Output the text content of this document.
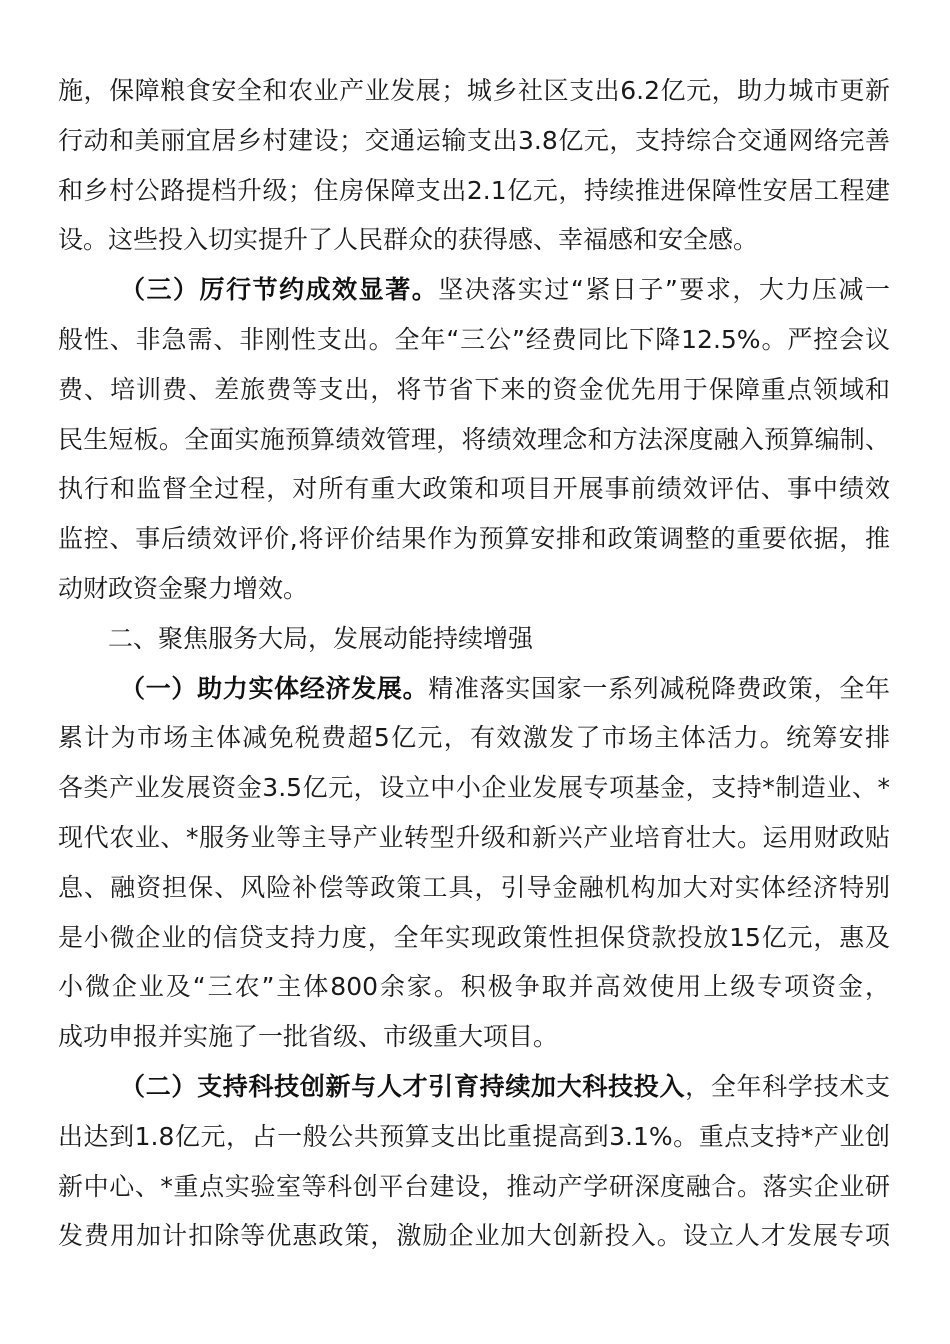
施，保障粮食安全和农业产业发展；城乡社区支出6.2亿元，助力城市更新
行动和美丽宜居乡村建设；交通运输支出3.8亿元，支持综合交通网络完善
和乡村公路提档升级；住房保障支出2.1亿元，持续推进保障性安居工程建
设。这些投入切实提升了人民群众的获得感、幸福感和安全感。
（三）厉行节约成效显著。坚决落实过“紧日子”要求，大力压减一
般性、非急需、非刚性支出。全年“三公”经费同比下降12.5%。严控会议
费、培训费、差旅费等支出，将节省下来的资金优先用于保障重点领域和
民生短板。全面实施预算绩效管理，将绩效理念和方法深度融入预算编制、
执行和监督全过程，对所有重大政策和项目开展事前绩效评估、事中绩效
监控、事后绩效评价,将评价结果作为预算安排和政策调整的重要依据，推
动财政资金聚力增效。
二、聚焦服务大局，发展动能持续增强
（一）助力实体经济发展。精准落实国家一系列减税降费政策，全年
累计为市场主体减免税费超5亿元，有效激发了市场主体活力。统筹安排
各类产业发展资金3.5亿元，设立中小企业发展专项基金，支持*制造业、*
现代农业、*服务业等主导产业转型升级和新兴产业培育壮大。运用财政贴
息、融资担保、风险补偿等政策工具，引导金融机构加大对实体经济特别
是小微企业的信贷支持力度，全年实现政策性担保贷款投放15亿元，惠及
小微企业及“三农”主体800余家。积极争取并高效使用上级专项资金，
成功申报并实施了一批省级、市级重大项目。
（二）支持科技创新与人才引育持续加大科技投入，全年科学技术支
出达到1.8亿元，占一般公共预算支出比重提高到3.1%。重点支持*产业创
新中心、*重点实验室等科创平台建设，推动产学研深度融合。落实企业研
发费用加计扣除等优惠政策，激励企业加大创新投入。设立人才发展专项
